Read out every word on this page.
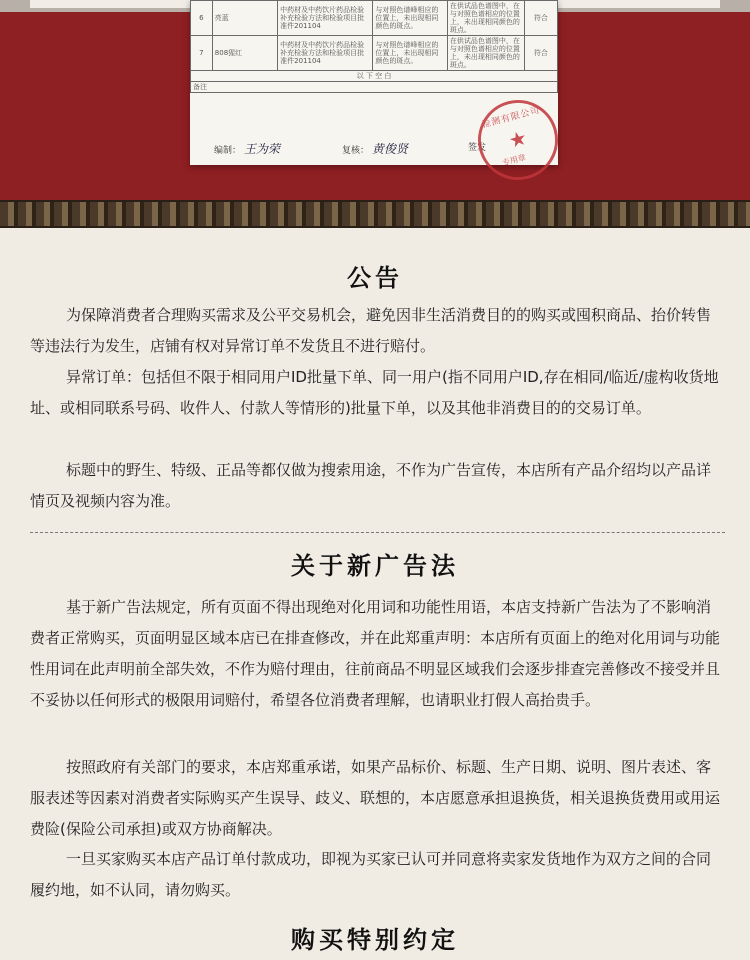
6	亮蓝	中药材及中药饮片药品检验补充检验方法和检验项目批准件201104	与对照色谱峰相应的位置上，未出现相同颜色的斑点。	在供试品色谱图中，在与对照色谱相应的位置上，未出现相同颜色的斑点。	符合
7	808猩红	中药材及中药饮片药品检验补充检验方法和检验项目批准件201104	与对照色谱峰相应的位置上，未出现相同颜色的斑点。	在供试品色谱图中，在与对照色谱相应的位置上，未出现相同颜色的斑点。	符合
以 下 空 白					
备注					
编制： 王为荣	复核： 黄俊贤	签发
检测有限公司
★
专用章
公告
为保障消费者合理购买需求及公平交易机会，避免因非生活消费目的的购买或囤积商品、抬价转售等违法行为发生，店铺有权对异常订单不发货且不进行赔付。
异常订单：包括但不限于相同用户ID批量下单、同一用户(指不同用户ID,存在相同/临近/虚构收货地址、或相同联系号码、收件人、付款人等情形的)批量下单，以及其他非消费目的的交易订单。
标题中的野生、特级、正品等都仅做为搜索用途，不作为广告宣传，本店所有产品介绍均以产品详情页及视频内容为准。
关于新广告法
基于新广告法规定，所有页面不得出现绝对化用词和功能性用语，本店支持新广告法为了不影响消费者正常购买，页面明显区域本店已在排查修改，并在此郑重声明：本店所有页面上的绝对化用词与功能性用词在此声明前全部失效，不作为赔付理由，往前商品不明显区域我们会逐步排查完善修改不接受并且不妥协以任何形式的极限用词赔付，希望各位消费者理解，也请职业打假人高抬贵手。
按照政府有关部门的要求，本店郑重承诺，如果产品标价、标题、生产日期、说明、图片表述、客服表述等因素对消费者实际购买产生误导、歧义、联想的，本店愿意承担退换货，相关退换货费用或用运费险(保险公司承担)或双方协商解决。
一旦买家购买本店产品订单付款成功，即视为买家已认可并同意将卖家发货地作为双方之间的合同履约地，如不认同，请勿购买。
购买特别约定
